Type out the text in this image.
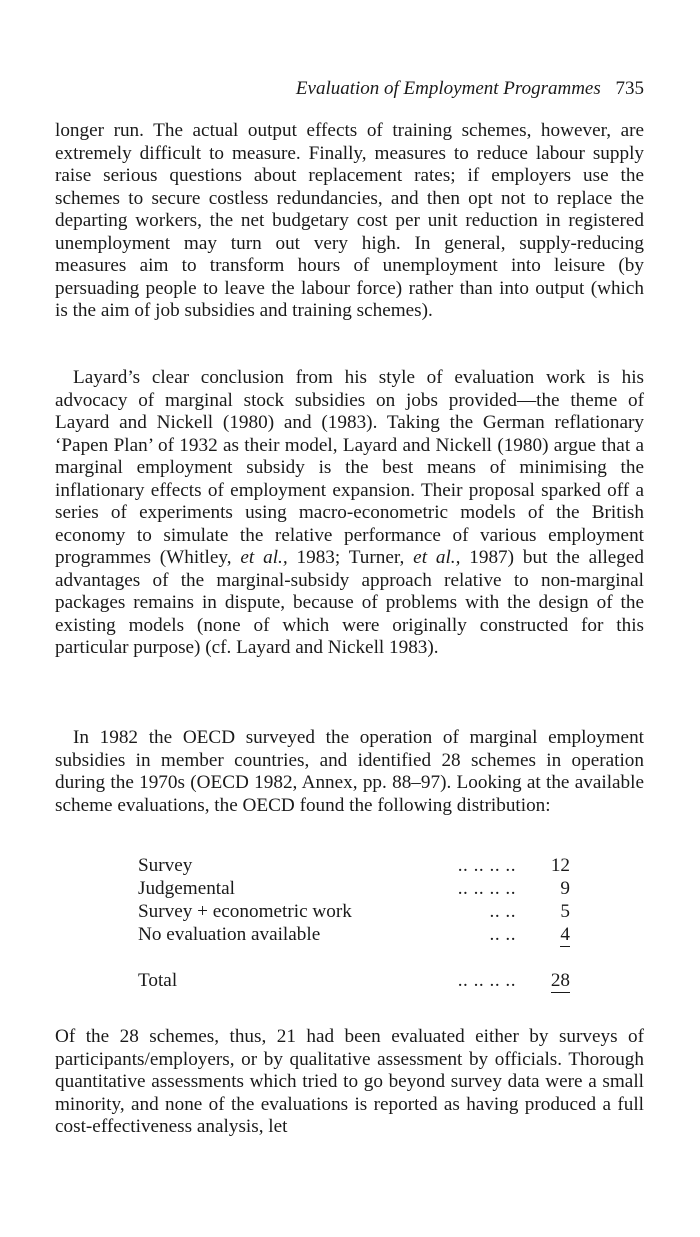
Evaluation of Employment Programmes 735

longer run. The actual output effects of training schemes, however, are extremely difficult to measure. Finally, measures to reduce labour supply raise serious questions about replacement rates; if employers use the schemes to secure costless redundancies, and then opt not to replace the departing workers, the net budgetary cost per unit reduction in registered unemployment may turn out very high. In general, supply-reducing measures aim to transform hours of unemployment into leisure (by persuading people to leave the labour force) rather than into output (which is the aim of job subsidies and training schemes).

Layard’s clear conclusion from his style of evaluation work is his advocacy of marginal stock subsidies on jobs provided—the theme of Layard and Nickell (1980) and (1983). Taking the German reflationary ‘Papen Plan’ of 1932 as their model, Layard and Nickell (1980) argue that a marginal employment subsidy is the best means of minimising the inflationary effects of employment expansion. Their proposal sparked off a series of experiments using macro-econometric models of the British economy to simulate the relative performance of various employment programmes (Whitley, et al., 1983; Turner, et al., 1987) but the alleged advantages of the marginal-subsidy approach relative to non-marginal packages remains in dispute, because of problems with the design of the existing models (none of which were originally constructed for this particular purpose) (cf. Layard and Nickell 1983).

In 1982 the OECD surveyed the operation of marginal employment subsidies in member countries, and identified 28 schemes in operation during the 1970s (OECD 1982, Annex, pp. 88–97). Looking at the available scheme evaluations, the OECD found the following distribution:

Survey	.. .. .. ..	12
Judgemental	.. .. .. ..	9
Survey + econometric work	.. ..	5
No evaluation available	.. ..	4

Total	.. .. .. ..	28

Of the 28 schemes, thus, 21 had been evaluated either by surveys of participants/employers, or by qualitative assessment by officials. Thorough quantitative assessments which tried to go beyond survey data were a small minority, and none of the evaluations is reported as having produced a full cost-effectiveness analysis, let
